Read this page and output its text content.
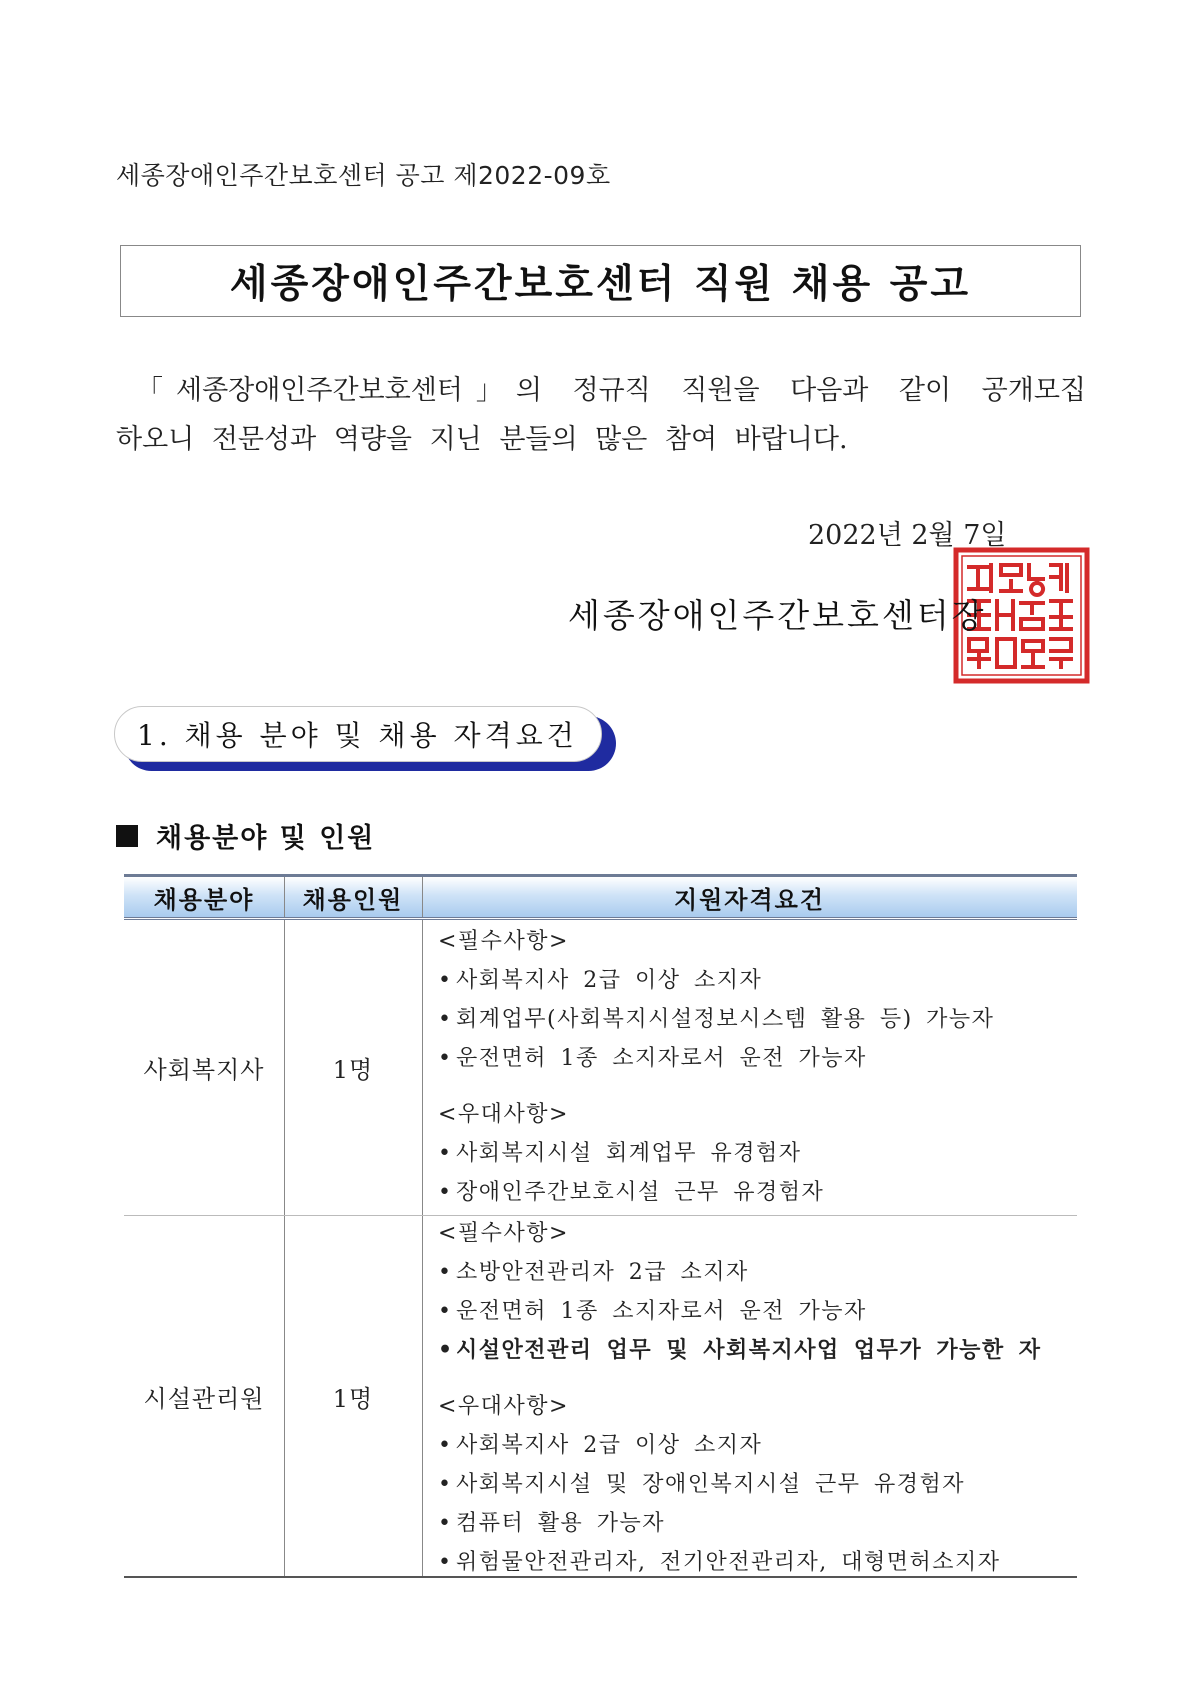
세종장애인주간보호센터 공고 제2022-09호
세종장애인주간보호센터 직원 채용 공고
「세종장애인주간보호센터」의 정규직 직원을 다음과 같이 공개모집
하오니 전문성과 역량을 지닌 분들의 많은 참여 바랍니다.
2022년 2월 7일
세종장애인주간보호센터장
1. 채용 분야 및 채용 자격요건
채용분야 및 인원
채용분야	채용인원	지원자격요건
사회복지사	1명
<필수사항>
• 사회복지사 2급 이상 소지자
• 회계업무(사회복지시설정보시스템 활용 등) 가능자
• 운전면허 1종 소지자로서 운전 가능자
<우대사항>
• 사회복지시설 회계업무 유경험자
• 장애인주간보호시설 근무 유경험자
시설관리원	1명
<필수사항>
• 소방안전관리자 2급 소지자
• 운전면허 1종 소지자로서 운전 가능자
• 시설안전관리 업무 및 사회복지사업 업무가 가능한 자
<우대사항>
• 사회복지사 2급 이상 소지자
• 사회복지시설 및 장애인복지시설 근무 유경험자
• 컴퓨터 활용 가능자
• 위험물안전관리자, 전기안전관리자, 대형면허소지자
